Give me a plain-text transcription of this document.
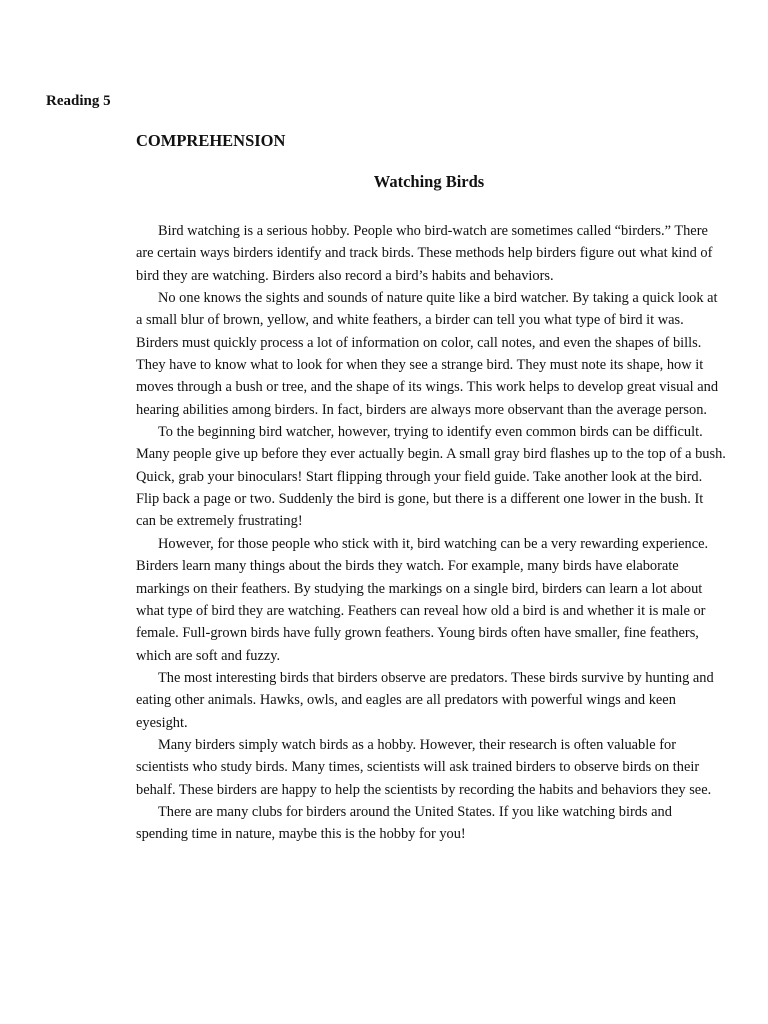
Reading 5
COMPREHENSION
Watching Birds

Bird watching is a serious hobby. People who bird-watch are sometimes called “birders.” There are certain ways birders identify and track birds. These methods help birders figure out what kind of bird they are watching. Birders also record a bird’s habits and behaviors.

No one knows the sights and sounds of nature quite like a bird watcher. By taking a quick look at a small blur of brown, yellow, and white feathers, a birder can tell you what type of bird it was. Birders must quickly process a lot of information on color, call notes, and even the shapes of bills. They have to know what to look for when they see a strange bird. They must note its shape, how it moves through a bush or tree, and the shape of its wings. This work helps to develop great visual and hearing abilities among birders. In fact, birders are always more observant than the average person.

To the beginning bird watcher, however, trying to identify even common birds can be difficult. Many people give up before they ever actually begin. A small gray bird flashes up to the top of a bush. Quick, grab your binoculars! Start flipping through your field guide. Take another look at the bird. Flip back a page or two. Suddenly the bird is gone, but there is a different one lower in the bush. It can be extremely frustrating!

However, for those people who stick with it, bird watching can be a very rewarding experience. Birders learn many things about the birds they watch. For example, many birds have elaborate markings on their feathers. By studying the markings on a single bird, birders can learn a lot about what type of bird they are watching. Feathers can reveal how old a bird is and whether it is male or female. Full-grown birds have fully grown feathers. Young birds often have smaller, fine feathers, which are soft and fuzzy.

The most interesting birds that birders observe are predators. These birds survive by hunting and eating other animals. Hawks, owls, and eagles are all predators with powerful wings and keen eyesight.

Many birders simply watch birds as a hobby. However, their research is often valuable for scientists who study birds. Many times, scientists will ask trained birders to observe birds on their behalf. These birders are happy to help the scientists by recording the habits and behaviors they see.

There are many clubs for birders around the United States. If you like watching birds and spending time in nature, maybe this is the hobby for you!
